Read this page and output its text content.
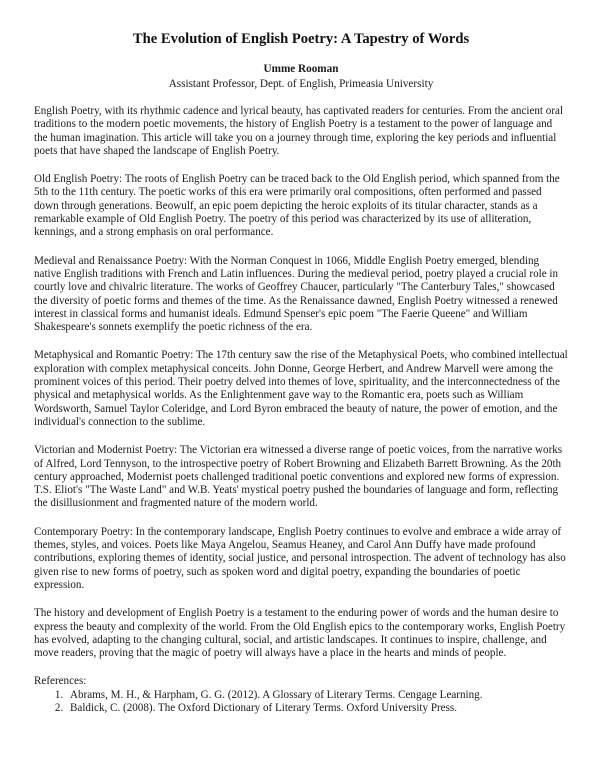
The Evolution of English Poetry: A Tapestry of Words

Umme Rooman

Assistant Professor, Dept. of English, Primeasia University

English Poetry, with its rhythmic cadence and lyrical beauty, has captivated readers for centuries. From the ancient oral traditions to the modern poetic movements, the history of English Poetry is a testament to the power of language and the human imagination. This article will take you on a journey through time, exploring the key periods and influential poets that have shaped the landscape of English Poetry.

Old English Poetry: The roots of English Poetry can be traced back to the Old English period, which spanned from the 5th to the 11th century. The poetic works of this era were primarily oral compositions, often performed and passed down through generations. Beowulf, an epic poem depicting the heroic exploits of its titular character, stands as a remarkable example of Old English Poetry. The poetry of this period was characterized by its use of alliteration, kennings, and a strong emphasis on oral performance.

Medieval and Renaissance Poetry: With the Norman Conquest in 1066, Middle English Poetry emerged, blending native English traditions with French and Latin influences. During the medieval period, poetry played a crucial role in courtly love and chivalric literature. The works of Geoffrey Chaucer, particularly "The Canterbury Tales," showcased the diversity of poetic forms and themes of the time. As the Renaissance dawned, English Poetry witnessed a renewed interest in classical forms and humanist ideals. Edmund Spenser's epic poem "The Faerie Queene" and William Shakespeare's sonnets exemplify the poetic richness of the era.

Metaphysical and Romantic Poetry: The 17th century saw the rise of the Metaphysical Poets, who combined intellectual exploration with complex metaphysical conceits. John Donne, George Herbert, and Andrew Marvell were among the prominent voices of this period. Their poetry delved into themes of love, spirituality, and the interconnectedness of the physical and metaphysical worlds. As the Enlightenment gave way to the Romantic era, poets such as William Wordsworth, Samuel Taylor Coleridge, and Lord Byron embraced the beauty of nature, the power of emotion, and the individual's connection to the sublime.

Victorian and Modernist Poetry: The Victorian era witnessed a diverse range of poetic voices, from the narrative works of Alfred, Lord Tennyson, to the introspective poetry of Robert Browning and Elizabeth Barrett Browning. As the 20th century approached, Modernist poets challenged traditional poetic conventions and explored new forms of expression. T.S. Eliot's "The Waste Land" and W.B. Yeats' mystical poetry pushed the boundaries of language and form, reflecting the disillusionment and fragmented nature of the modern world.

Contemporary Poetry: In the contemporary landscape, English Poetry continues to evolve and embrace a wide array of themes, styles, and voices. Poets like Maya Angelou, Seamus Heaney, and Carol Ann Duffy have made profound contributions, exploring themes of identity, social justice, and personal introspection. The advent of technology has also given rise to new forms of poetry, such as spoken word and digital poetry, expanding the boundaries of poetic expression.

The history and development of English Poetry is a testament to the enduring power of words and the human desire to express the beauty and complexity of the world. From the Old English epics to the contemporary works, English Poetry has evolved, adapting to the changing cultural, social, and artistic landscapes. It continues to inspire, challenge, and move readers, proving that the magic of poetry will always have a place in the hearts and minds of people.

References:

1. Abrams, M. H., & Harpham, G. G. (2012). A Glossary of Literary Terms. Cengage Learning.
2. Baldick, C. (2008). The Oxford Dictionary of Literary Terms. Oxford University Press.
